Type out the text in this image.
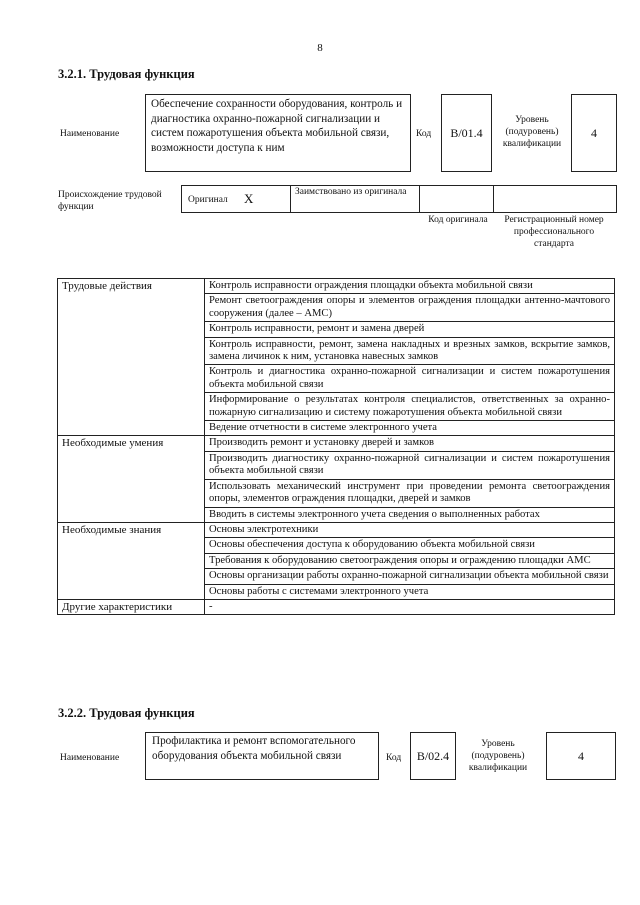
8
3.2.1. Трудовая функция
Наименование
Обеспечение сохранности оборудования, контроль и диагностика охранно-пожарной сигнализации и систем пожаротушения объекта мобильной связи, возможности доступа к ним
Код	B/01.4
Уровень (подуровень) квалификации
4
Происхождение трудовой функции
Оригинал X	Заимствовано из оригинала
Код оригинала	Регистрационный номер профессионального стандарта
Трудовые действия	Контроль исправности ограждения площадки объекта мобильной связи
	Ремонт светоограждения опоры и элементов ограждения площадки антенно-мачтового сооружения (далее – АМС)
	Контроль исправности, ремонт и замена дверей
	Контроль исправности, ремонт, замена накладных и врезных замков, вскрытие замков, замена личинок к ним, установка навесных замков
	Контроль и диагностика охранно-пожарной сигнализации и систем пожаротушения объекта мобильной связи
	Информирование о результатах контроля специалистов, ответственных за охранно-пожарную сигнализацию и систему пожаротушения объекта мобильной связи
	Ведение отчетности в системе электронного учета
Необходимые умения	Производить ремонт и установку дверей и замков
	Производить диагностику охранно-пожарной сигнализации и систем пожаротушения объекта мобильной связи
	Использовать механический инструмент при проведении ремонта светоограждения опоры, элементов ограждения площадки, дверей и замков
	Вводить в системы электронного учета сведения о выполненных работах
Необходимые знания	Основы электротехники
	Основы обеспечения доступа к оборудованию объекта мобильной связи
	Требования к оборудованию светоограждения опоры и ограждению площадки АМС
	Основы организации работы охранно-пожарной сигнализации объекта мобильной связи
	Основы работы с системами электронного учета
Другие характеристики	-
3.2.2. Трудовая функция
Наименование
Профилактика и ремонт вспомогательного оборудования объекта мобильной связи	Код	B/02.4
Уровень (подуровень) квалификации
4
